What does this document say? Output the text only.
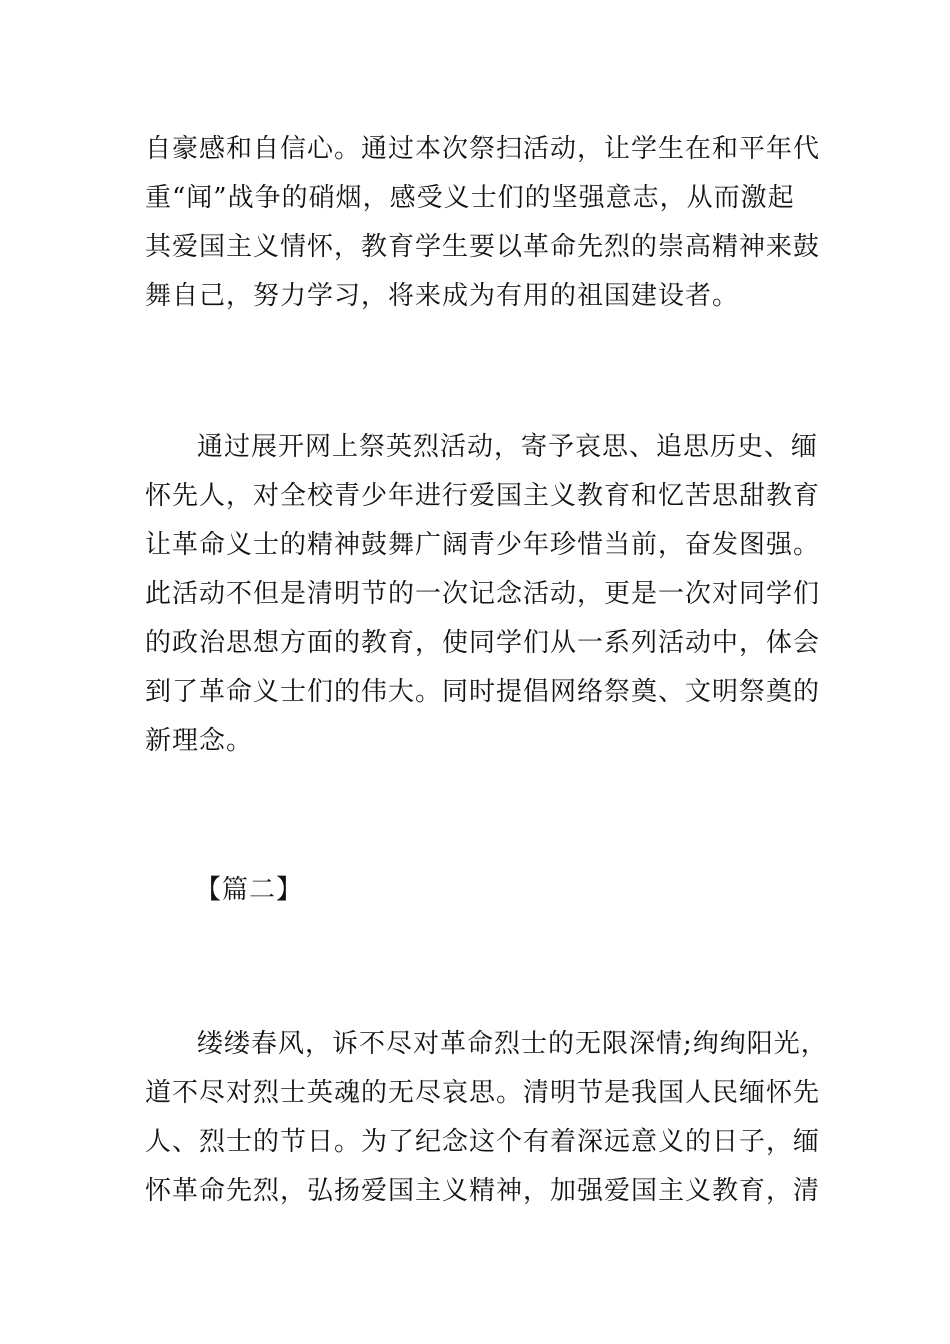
自豪感和自信心。通过本次祭扫活动，让学生在和平年代
重“闻”战争的硝烟，感受义士们的坚强意志，从而激起
其爱国主义情怀，教育学生要以革命先烈的崇高精神来鼓
舞自己，努力学习，将来成为有用的祖国建设者。
通过展开网上祭英烈活动，寄予哀思、追思历史、缅
怀先人，对全校青少年进行爱国主义教育和忆苦思甜教育
让革命义士的精神鼓舞广阔青少年珍惜当前，奋发图强。
此活动不但是清明节的一次记念活动，更是一次对同学们
的政治思想方面的教育，使同学们从一系列活动中，体会
到了革命义士们的伟大。同时提倡网络祭奠、文明祭奠的
新理念。
【篇二】
缕缕春风，诉不尽对革命烈士的无限深情;绚绚阳光，
道不尽对烈士英魂的无尽哀思。清明节是我国人民缅怀先
人、烈士的节日。为了纪念这个有着深远意义的日子，缅
怀革命先烈，弘扬爱国主义精神，加强爱国主义教育，清
